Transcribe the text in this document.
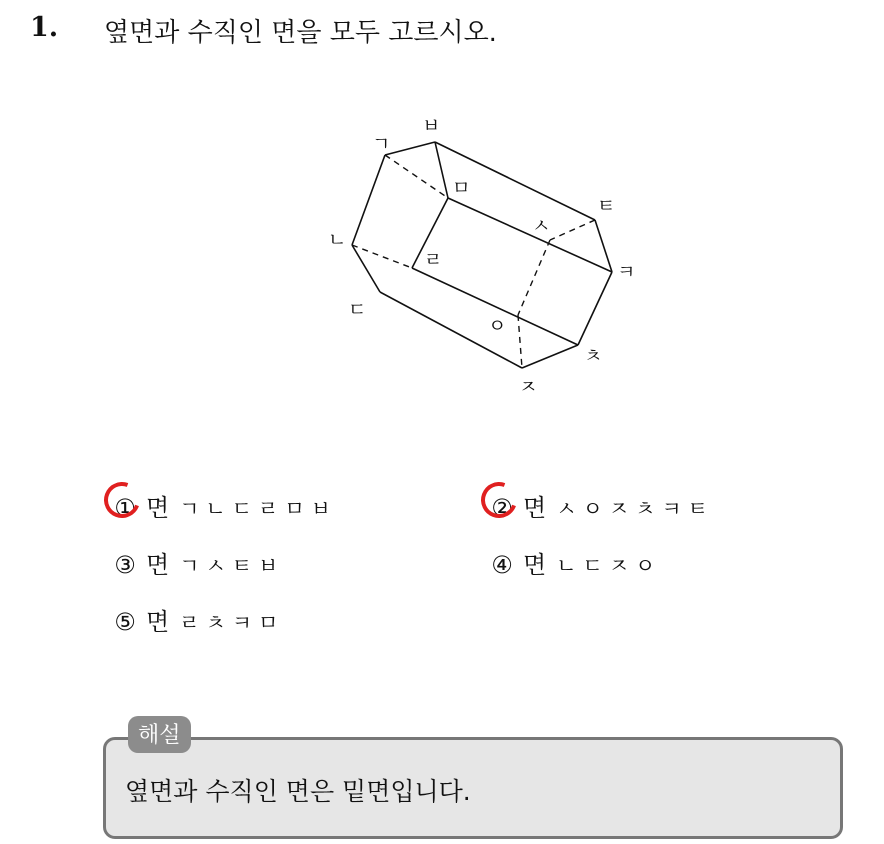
1. 옆면과 수직인 면을 모두 고르시오.
ㄱ
ㅂ
ㅁ
ㄴ
ㄹ
ㄷ
ㅌ
ㅅ
ㅋ
ㅇ
ㅊ
ㅈ
① 면 ㄱㄴㄷㄹㅁㅂ	② 면 ㅅㅇㅈㅊㅋㅌ
③ 면 ㄱㅅㅌㅂ	④ 면 ㄴㄷㅈㅇ
⑤ 면 ㄹㅊㅋㅁ
해설
옆면과 수직인 면은 밑면입니다.
